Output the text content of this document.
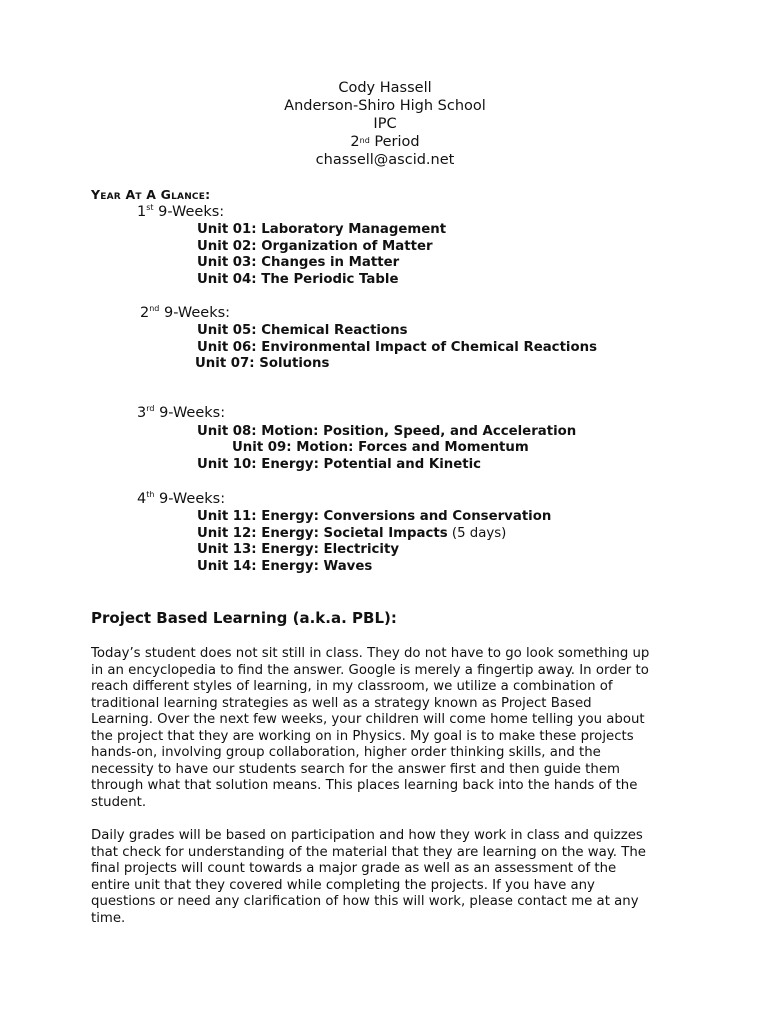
Cody Hassell
Anderson-Shiro High School
IPC
2nd Period
chassell@ascid.net
Year At A Glance:
1st 9-Weeks:
Unit 01: Laboratory Management
Unit 02: Organization of Matter
Unit 03: Changes in Matter
Unit 04: The Periodic Table
2nd 9-Weeks:
Unit 05: Chemical Reactions
Unit 06: Environmental Impact of Chemical Reactions
Unit 07: Solutions
3rd 9-Weeks:
Unit 08: Motion: Position, Speed, and Acceleration
Unit 09: Motion: Forces and Momentum
Unit 10: Energy: Potential and Kinetic
4th 9-Weeks:
Unit 11: Energy: Conversions and Conservation
Unit 12: Energy: Societal Impacts (5 days)
Unit 13: Energy: Electricity
Unit 14: Energy: Waves
Project Based Learning (a.k.a. PBL):
Today’s student does not sit still in class. They do not have to go look something up
in an encyclopedia to find the answer. Google is merely a fingertip away. In order to
reach different styles of learning, in my classroom, we utilize a combination of
traditional learning strategies as well as a strategy known as Project Based
Learning. Over the next few weeks, your children will come home telling you about
the project that they are working on in Physics. My goal is to make these projects
hands-on, involving group collaboration, higher order thinking skills, and the
necessity to have our students search for the answer first and then guide them
through what that solution means. This places learning back into the hands of the
student.
Daily grades will be based on participation and how they work in class and quizzes
that check for understanding of the material that they are learning on the way. The
final projects will count towards a major grade as well as an assessment of the
entire unit that they covered while completing the projects. If you have any
questions or need any clarification of how this will work, please contact me at any
time.
